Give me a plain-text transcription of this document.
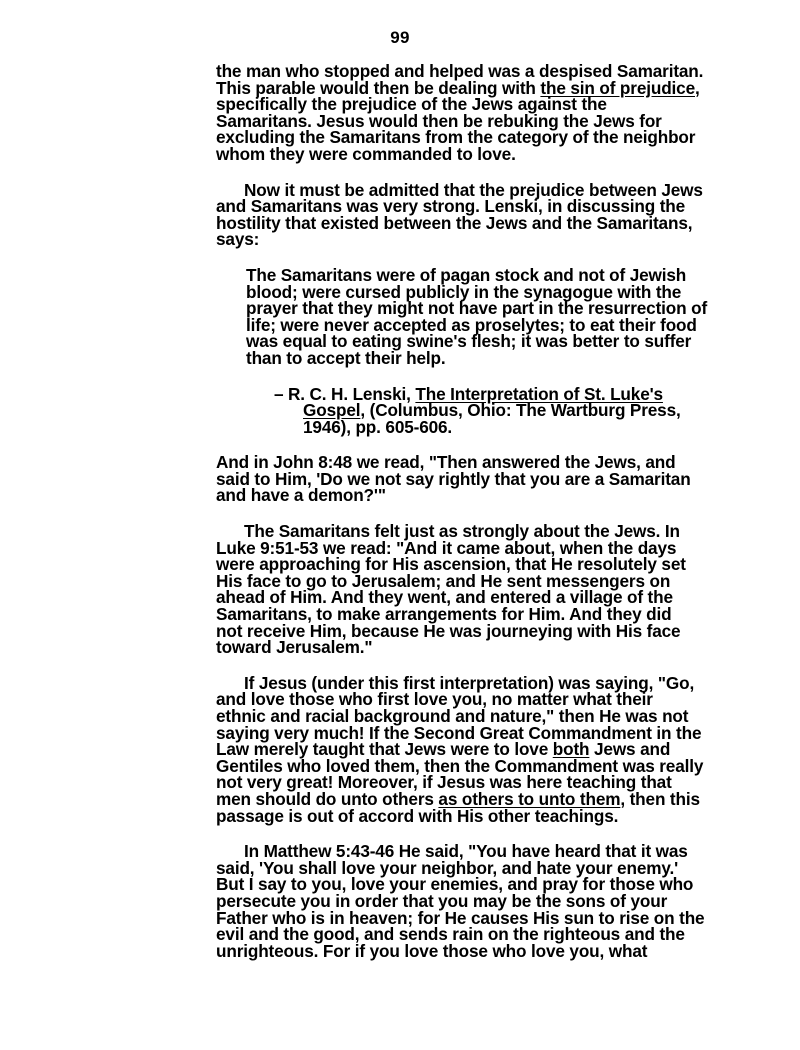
99
the man who stopped and helped was a despised Samaritan.
This parable would then be dealing with the sin of prejudice,
specifically the prejudice of the Jews against the
Samaritans. Jesus would then be rebuking the Jews for
excluding the Samaritans from the category of the neighbor
whom they were commanded to love.
Now it must be admitted that the prejudice between Jews
and Samaritans was very strong. Lenski, in discussing the
hostility that existed between the Jews and the Samaritans,
says:
The Samaritans were of pagan stock and not of Jewish
blood; were cursed publicly in the synagogue with the
prayer that they might not have part in the resurrection of
life; were never accepted as proselytes; to eat their food
was equal to eating swine's flesh; it was better to suffer
than to accept their help.
– R. C. H. Lenski, The Interpretation of St. Luke's
Gospel, (Columbus, Ohio: The Wartburg Press,
1946), pp. 605-606.
And in John 8:48 we read, "Then answered the Jews, and
said to Him, 'Do we not say rightly that you are a Samaritan
and have a demon?'"
The Samaritans felt just as strongly about the Jews. In
Luke 9:51-53 we read: "And it came about, when the days
were approaching for His ascension, that He resolutely set
His face to go to Jerusalem; and He sent messengers on
ahead of Him. And they went, and entered a village of the
Samaritans, to make arrangements for Him. And they did
not receive Him, because He was journeying with His face
toward Jerusalem."
If Jesus (under this first interpretation) was saying, "Go,
and love those who first love you, no matter what their
ethnic and racial background and nature," then He was not
saying very much! If the Second Great Commandment in the
Law merely taught that Jews were to love both Jews and
Gentiles who loved them, then the Commandment was really
not very great! Moreover, if Jesus was here teaching that
men should do unto others as others to unto them, then this
passage is out of accord with His other teachings.
In Matthew 5:43-46 He said, "You have heard that it was
said, 'You shall love your neighbor, and hate your enemy.'
But I say to you, love your enemies, and pray for those who
persecute you in order that you may be the sons of your
Father who is in heaven; for He causes His sun to rise on the
evil and the good, and sends rain on the righteous and the
unrighteous. For if you love those who love you, what
